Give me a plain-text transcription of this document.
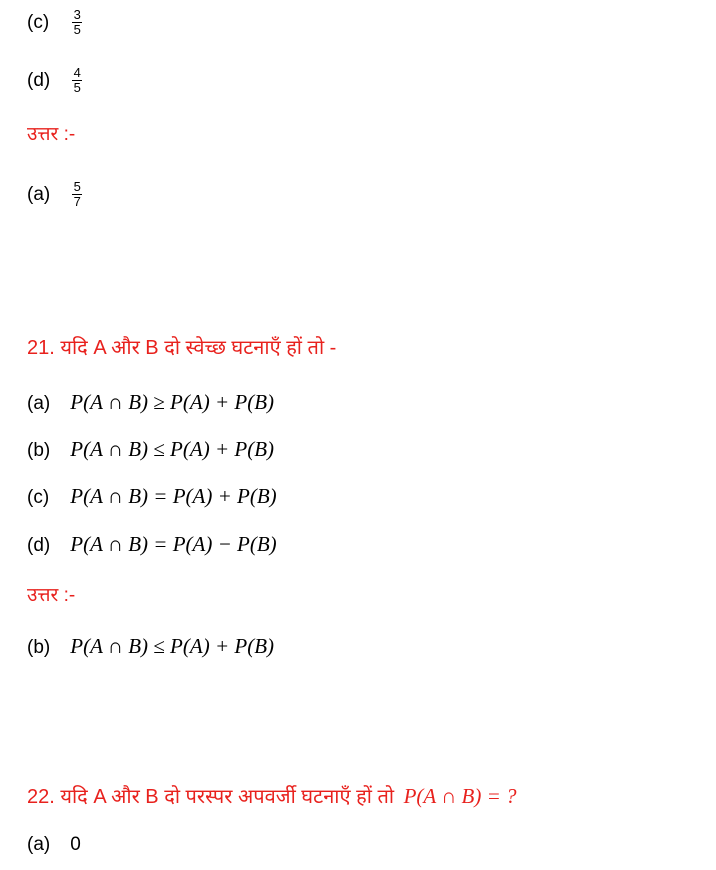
$(c) \frac{3}{5}$
$(d) \frac{4}{5}$
उत्तर :-
$(a) \frac{5}{7}$
21. यदि A और B दो स्वेच्छ घटनाएँ हों तो -
(a) P(A ∩ B) ≥ P(A) + P(B)
(b) P(A ∩ B) ≤ P(A) + P(B)
(c) P(A ∩ B) = P(A) + P(B)
(d) P(A ∩ B) = P(A) − P(B)
उत्तर :-
(b) P(A ∩ B) ≤ P(A) + P(B)
22. यदि A और B दो परस्पर अपवर्जी घटनाएँ हों तो P(A ∩ B) = ?
(a) 0
